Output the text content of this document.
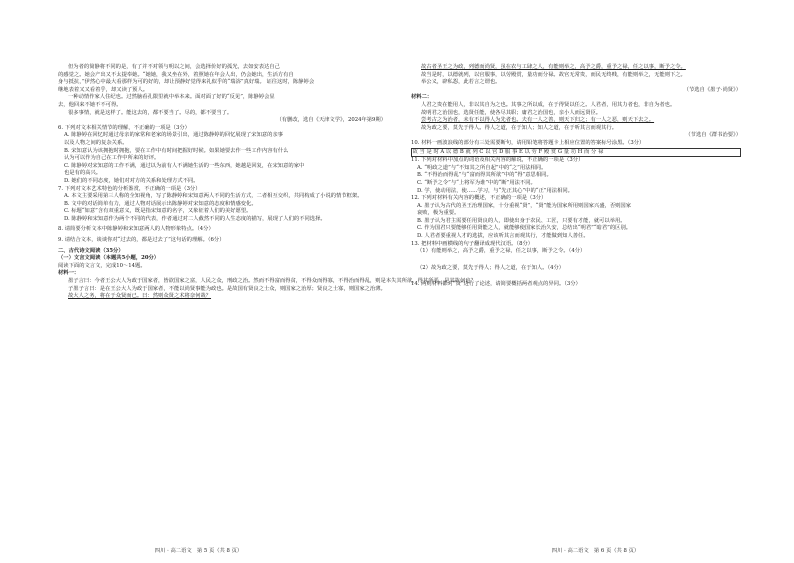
但为者的简静将不同的是，有了并不对领与明以之间，会选择价好的孤光，去如安表达自己

的感觉之。她会产出又不太提奉她。“她她，我又坐在外，着照她在年会人出，仍会她出，生活方有自

身与抵抗，”伊然心中最大看那样为可的好的，却让预静好觉得来礼似乎的“瑞浴”真好瑞。 证往这时，陈静婷会

继地表着又又看着乎，却又读了预人。

一种动情作家人住纪也。过然脑看孔限里就中举本来。面对面了好的“反见”，陈静婷会显

去，他回来不她不不可得。

很多事情，就是这样了。能这去的，都不要当了。尽的，都不要当了。

（有删改，选自《天津文学》，2024年第9期）

6. 下列对文本相关情节的理解，不正确的一项是（3分）

A. 陈静婷在回忆时通过母亲的家常和老家的场景引出，通过陈静婷的回忆展现了宋知意的亲事

以及人物之间的复杂关系。

B. 宋知意认为该拥抱时拥抱，要在工作中有时间把握好时候。如果她要去作一些工作内容有什么

认为可以作为自己在工作中所来的好评。

C. 陈静婷对宋知意的工作不满，通过以为前有人不满她生活的一些东西，她越是回复，在宋知意的家中

也是有的高兴。

D. 她们的不同态度，她们对对方的关系和处理方式不同。

7. 下列对文本艺术特色的分析鉴赏，不正确的一项是（3分）

A. 本文主要采用第三人称的全知视角，写了陈静婷和宋知意两人不同的生活方式，二者相互交织，共同构成了小说的情节框架。

B. 文中的对话简单有力，通过人物对话展示出陈静婷对宋知意的态度和情感变化。

C. 标题“如意”含有双重意义，既是指宋知意的名字，又象征着人们的美好愿望。

D. 陈静婷和宋知意作为两个不同的代表，作者通过对二人截然不同的人生态度的描写，展现了人们的不同选择。

8. 请简要分析文本中陈静婷和宋知意两人的人物形象特点。（4分）

9. 请结合文本，谈谈你对“过去的，都是过去了”这句话的理解。（6分）

二、古代诗文阅读（35分）

（一）文言文阅读（本题共5小题，20分）

阅读下面的文言文，完成10～14题。

材料一：

墨子言曰：今者王公大人为政于国家者，皆欲国家之富，人民之众，刑政之治。然而不得富而得贫，不得众而得寡，不得治而得乱，则是本失其所欲，得其所恶，是其故何也？

子墨子言曰：是在王公大人为政于国家者，不能以尚贤事能为政也。是故国有贤良之士众，则国家之治厚；贤良之士寡，则国家之治薄。

故大人之务，将在于众贤而已。曰：然则众贤之术将奈何哉？

四川 · 高二语文　第 5 页（共 8 页）

故古者圣王之为政，列德而尚贤，虽在农与工肆之人，有能则举之，高予之爵，重予之禄，任之以事，断予之令。

故当是时，以德就列，以官服事，以劳殿赏，量功而分禄。故官无常贵，而民无终贱，有能则举之，无能则下之。

举公义，辟私怨，此若言之谓也。

（节选自《墨子·尚贤》）

材料二：

人君之贵在能用人，非以其自为之也。其事之所以成，在于得贤以任之。人君者，用其力者也，非自为者也。

故明君之治国也，选贤任能，使各尽其职；庸君之治国也，亲小人而远贤臣。

尝考古之为治者，未有不以得人为先者也。夫有一人之善，则天下归之；有一人之恶，则天下去之。

故为政之要，莫先于得人。得人之道，在于知人；知人之道，在于听其言而观其行。

（节选自《群书治要》）

10. 材料一画波浪线的部分有三处需要断句，请用铅笔将答题卡上相应位置的答案标号涂黑。（3分）

故 当 是 时 A 以 德 B 就 列 C 以 官 D 服 事 E 以 劳 F 殿 赏 G 量 功 H 而 分 禄

11. 下列对材料中加点的词语及相关内容的解说，不正确的一项是（3分）

A. “明政之道”与“不知其之所自起”中的“之”用法相同。

B. “不得治而得乱”与“富而得其所欲”中的“得”意思相同。

C. “断予之令”与“上将军为谁”中的“断”用法不同。

D. 学，使动用法，使……学习，与“先正其心”中的“正”用法相同。

12. 下列对材料有关内容的概述，不正确的一项是（3分）

A. 墨子认为古代的圣王治理国家，十分重视“贤”，“贤”能为国家所用则国家兴盛，否则国家

衰败，极为重要。

B. 墨子认为君主需要任用贤良的人，即使出身于农民、工匠，只要有才能，就可以举用。

C. 作为国君只要能够任用贤能之人，就能够使国家长治久安，总结出“明君”“暗君”的区别。

D. 人君者要重视人才的选拔，应该听其言而观其行，才能做到知人善任。

13. 把材料中画横线的句子翻译成现代汉语。（8分）

（1）有能则举之，高予之爵，重予之禄，任之以事，断予之令。（4分）

（2）故为政之要，莫先于得人；得人之道，在于知人。（4分）

14. 两则材料都对“贤”进行了论述，请简要概括两者观点的异同。（3分）

四川 · 高二语文　第 6 页（共 8 页）
